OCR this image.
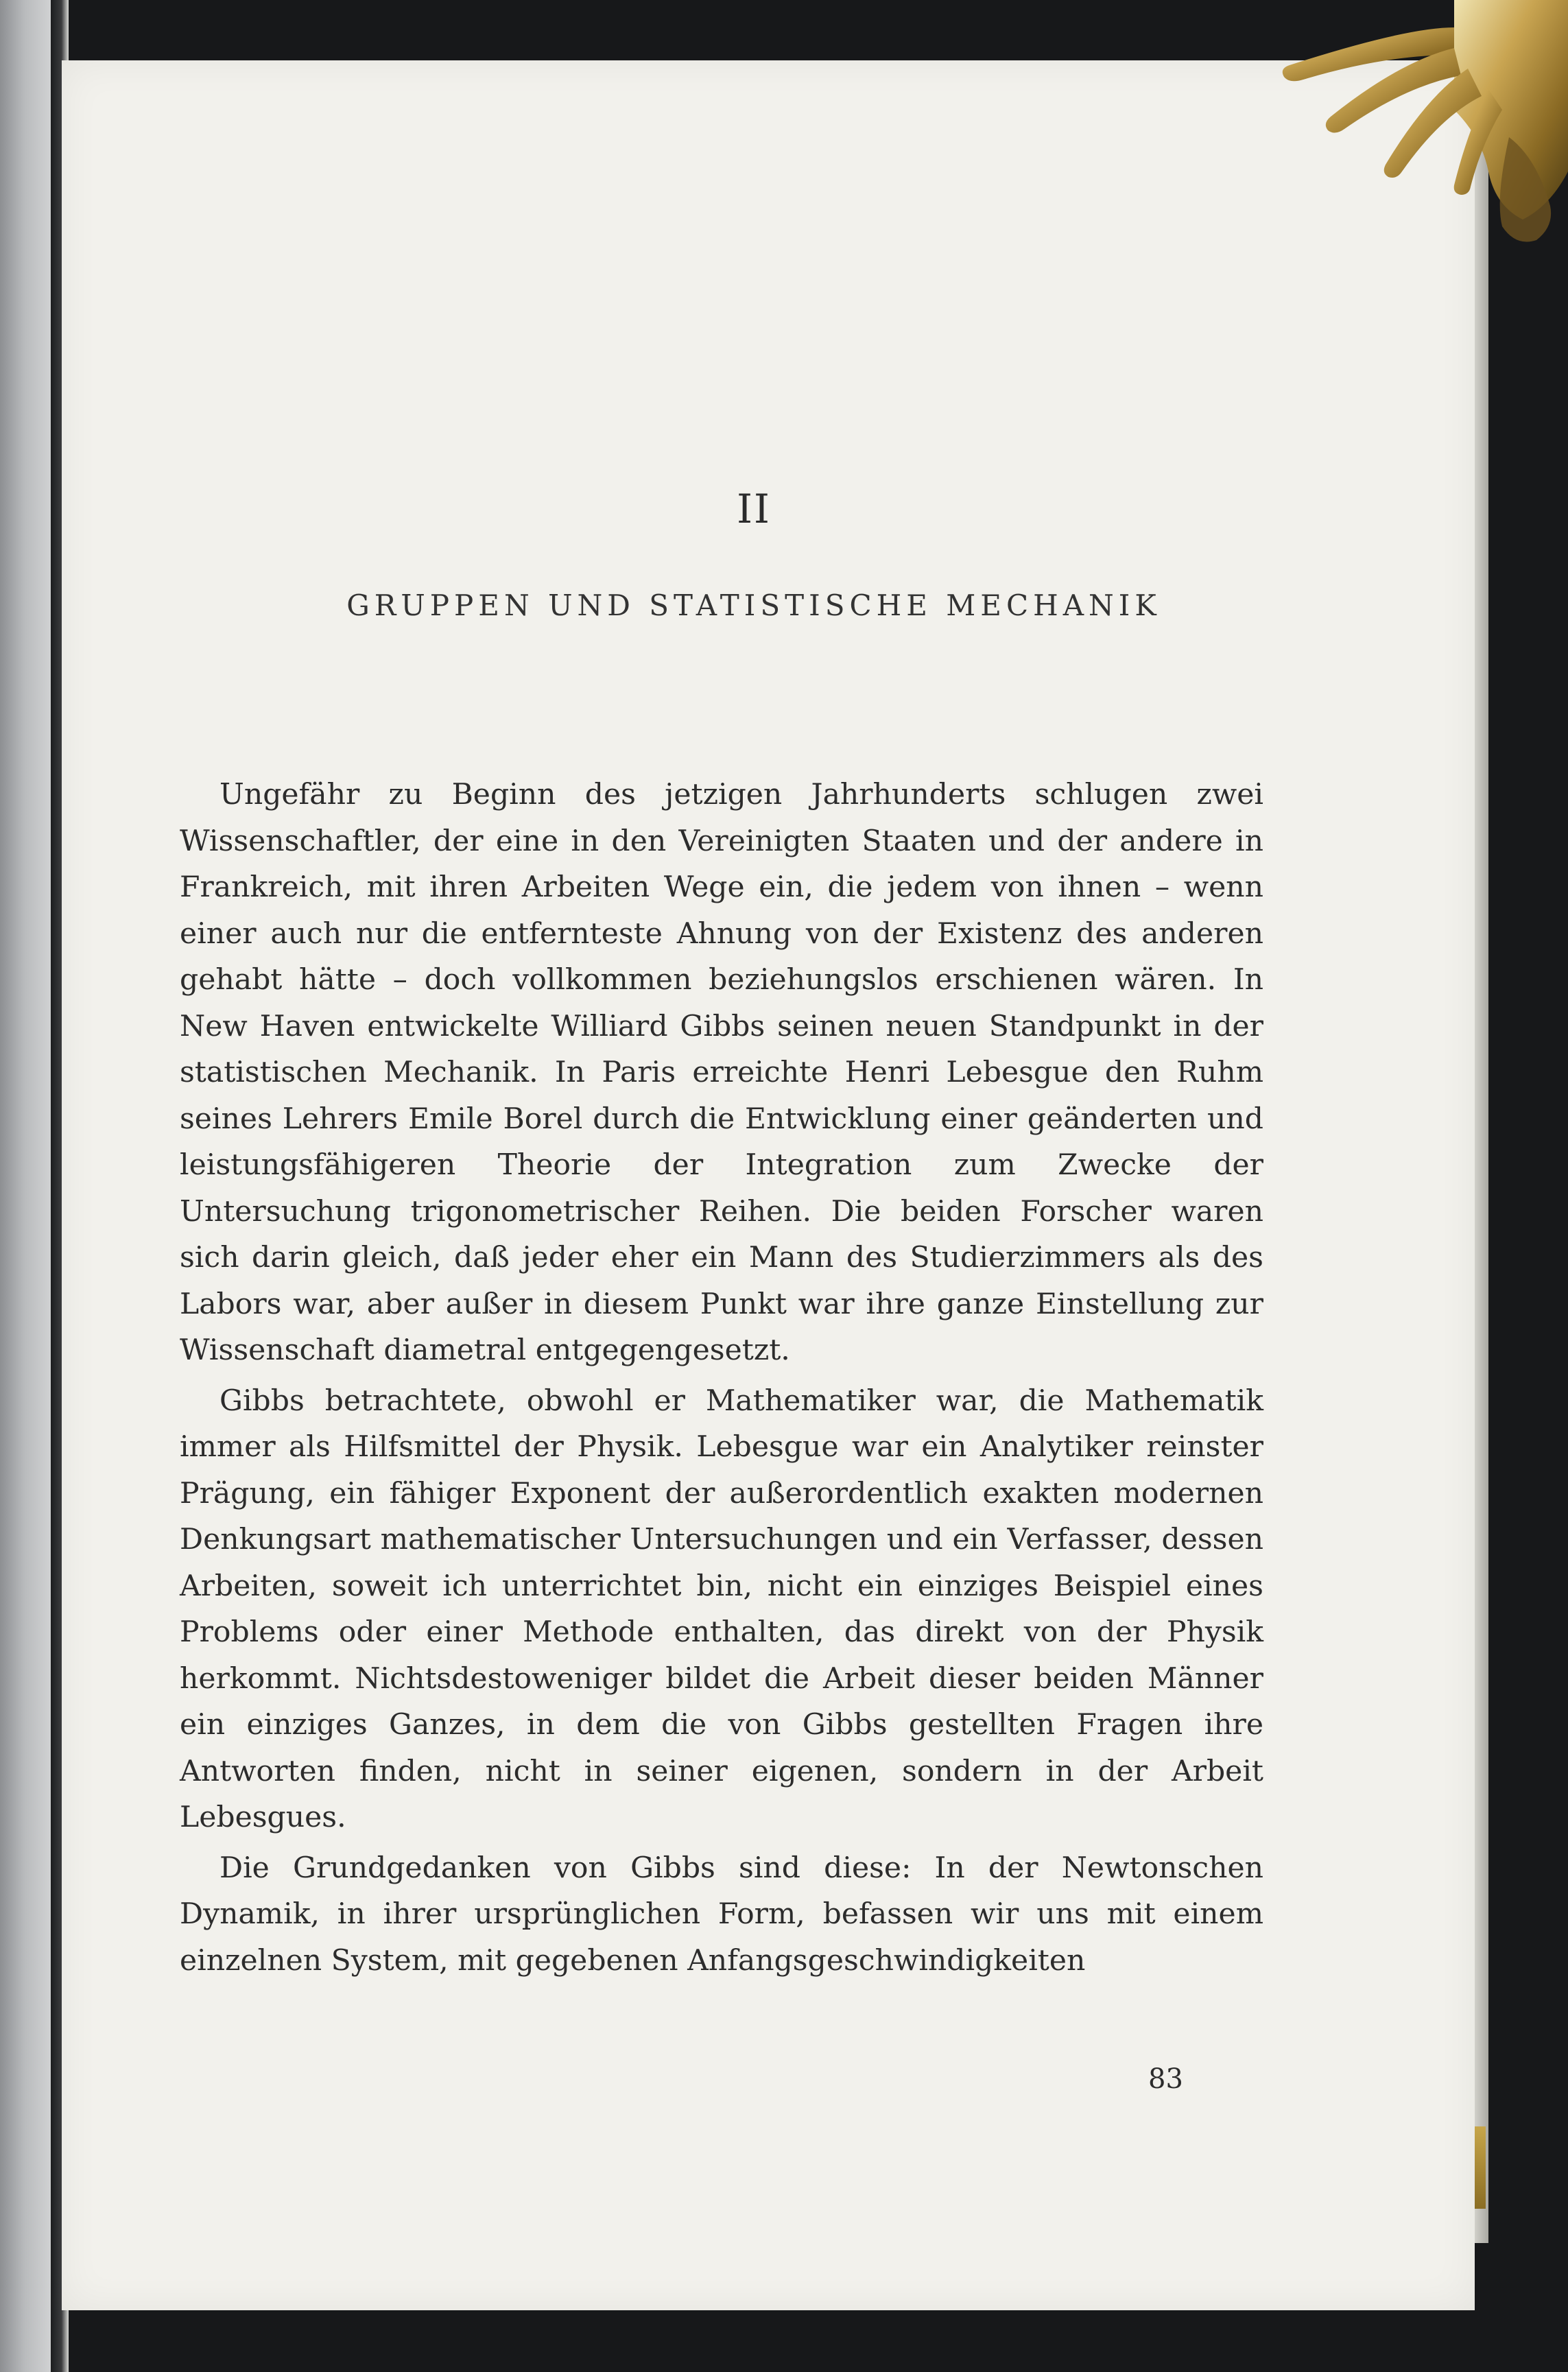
II
GRUPPEN UND STATISTISCHE MECHANIK

Ungefähr zu Beginn des jetzigen Jahrhunderts schlugen zwei Wissenschaftler, der eine in den Vereinigten Staaten und der andere in Frankreich, mit ihren Arbeiten Wege ein, die jedem von ihnen – wenn einer auch nur die entfernteste Ahnung von der Existenz des anderen gehabt hätte – doch vollkommen beziehungslos erschienen wären. In New Haven entwickelte Williard Gibbs seinen neuen Standpunkt in der statistischen Mechanik. In Paris erreichte Henri Lebesgue den Ruhm seines Lehrers Emile Borel durch die Entwicklung einer geänderten und leistungsfähigeren Theorie der Integration zum Zwecke der Untersuchung trigonometrischer Reihen. Die beiden Forscher waren sich darin gleich, daß jeder eher ein Mann des Studierzimmers als des Labors war, aber außer in diesem Punkt war ihre ganze Einstellung zur Wissenschaft diametral entgegengesetzt.

Gibbs betrachtete, obwohl er Mathematiker war, die Mathematik immer als Hilfsmittel der Physik. Lebesgue war ein Analytiker reinster Prägung, ein fähiger Exponent der außerordentlich exakten modernen Denkungsart mathematischer Untersuchungen und ein Verfasser, dessen Arbeiten, soweit ich unterrichtet bin, nicht ein einziges Beispiel eines Problems oder einer Methode enthalten, das direkt von der Physik herkommt. Nichtsdestoweniger bildet die Arbeit dieser beiden Männer ein einziges Ganzes, in dem die von Gibbs gestellten Fragen ihre Antworten finden, nicht in seiner eigenen, sondern in der Arbeit Lebesgues.

Die Grundgedanken von Gibbs sind diese: In der Newtonschen Dynamik, in ihrer ursprünglichen Form, befassen wir uns mit einem einzelnen System, mit gegebenen Anfangsgeschwindigkeiten

83
